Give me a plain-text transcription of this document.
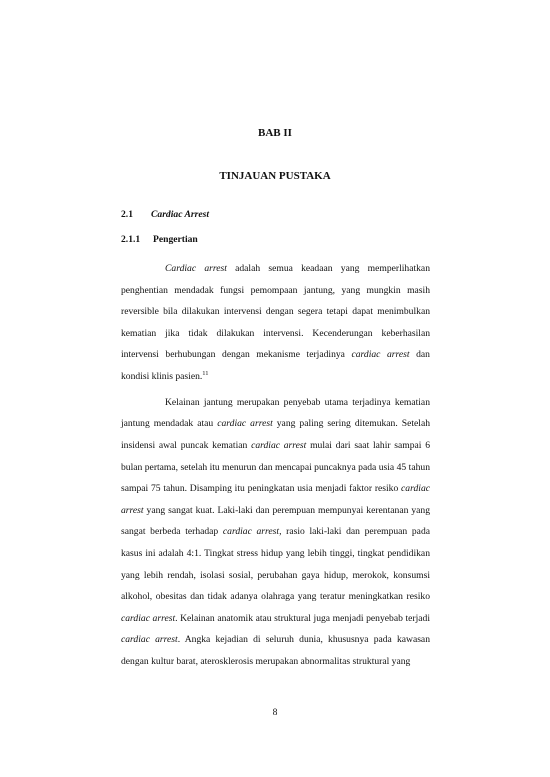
BAB II
TINJAUAN PUSTAKA
2.1 Cardiac Arrest
2.1.1 Pengertian

Cardiac arrest adalah semua keadaan yang memperlihatkan penghentian mendadak fungsi pemompaan jantung, yang mungkin masih reversible bila dilakukan intervensi dengan segera tetapi dapat menimbulkan kematian jika tidak dilakukan intervensi. Kecenderungan keberhasilan intervensi berhubungan dengan mekanisme terjadinya cardiac arrest dan kondisi klinis pasien.$^{11}$

Kelainan jantung merupakan penyebab utama terjadinya kematian jantung mendadak atau cardiac arrest yang paling sering ditemukan. Setelah insidensi awal puncak kematian cardiac arrest mulai dari saat lahir sampai 6 bulan pertama, setelah itu menurun dan mencapai puncaknya pada usia 45 tahun sampai 75 tahun. Disamping itu peningkatan usia menjadi faktor resiko cardiac arrest yang sangat kuat. Laki-laki dan perempuan mempunyai kerentanan yang sangat berbeda terhadap cardiac arrest, rasio laki-laki dan perempuan pada kasus ini adalah 4:1. Tingkat stress hidup yang lebih tinggi, tingkat pendidikan yang lebih rendah, isolasi sosial, perubahan gaya hidup, merokok, konsumsi alkohol, obesitas dan tidak adanya olahraga yang teratur meningkatkan resiko cardiac arrest. Kelainan anatomik atau struktural juga menjadi penyebab terjadi cardiac arrest. Angka kejadian di seluruh dunia, khususnya pada kawasan dengan kultur barat, aterosklerosis merupakan abnormalitas struktural yang

8
